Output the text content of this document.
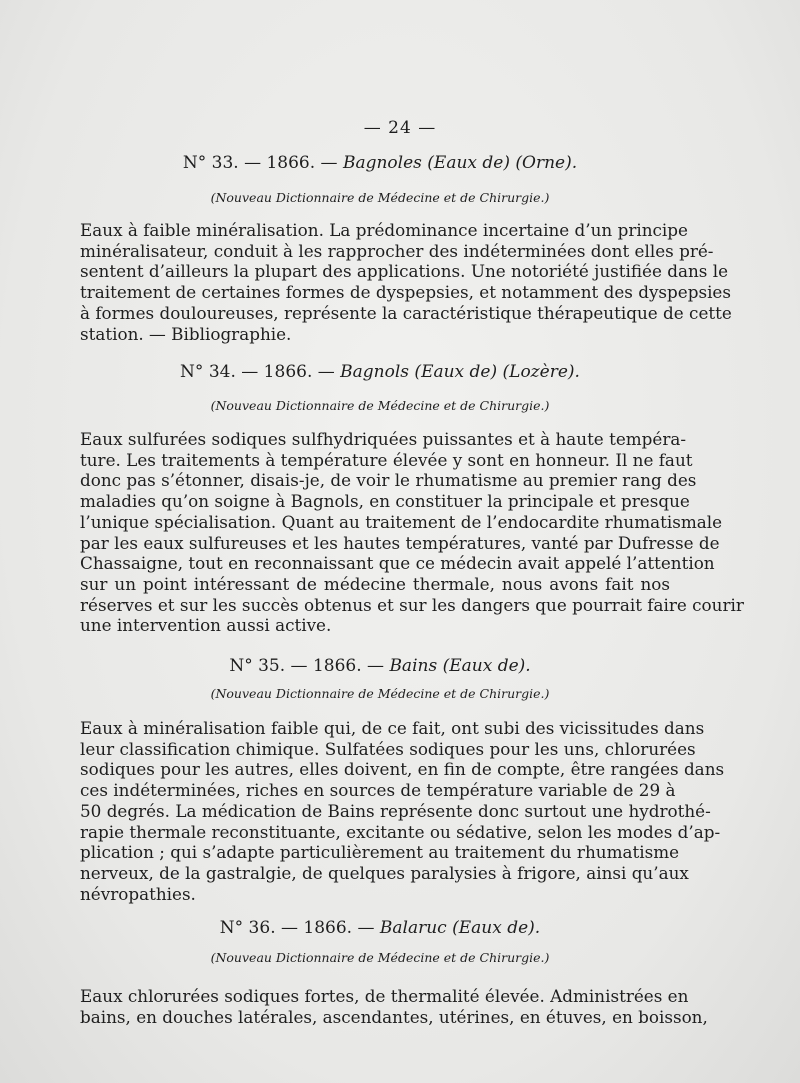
— 24 —
N° 33. — 1866. — Bagnoles (Eaux de) (Orne).
(Nouveau Dictionnaire de Médecine et de Chirurgie.)
Eaux à faible minéralisation. La prédominance incertaine d’un principe
minéralisateur, conduit à les rapprocher des indéterminées dont elles pré-
sentent d’ailleurs la plupart des applications. Une notoriété justifiée dans le
traitement de certaines formes de dyspepsies, et notamment des dyspepsies
à formes douloureuses, représente la caractéristique thérapeutique de cette
station. — Bibliographie.
N° 34. — 1866. — Bagnols (Eaux de) (Lozère).
(Nouveau Dictionnaire de Médecine et de Chirurgie.)
Eaux sulfurées sodiques sulfhydriquées puissantes et à haute tempéra-
ture. Les traitements à température élevée y sont en honneur. Il ne faut
donc pas s’étonner, disais-je, de voir le rhumatisme au premier rang des
maladies qu’on soigne à Bagnols, en constituer la principale et presque
l’unique spécialisation. Quant au traitement de l’endocardite rhumatismale
par les eaux sulfureuses et les hautes températures, vanté par Dufresse de
Chassaigne, tout en reconnaissant que ce médecin avait appelé l’attention
sur un point intéressant de médecine thermale, nous avons fait nos
réserves et sur les succès obtenus et sur les dangers que pourrait faire courir
une intervention aussi active.
N° 35. — 1866. — Bains (Eaux de).
(Nouveau Dictionnaire de Médecine et de Chirurgie.)
Eaux à minéralisation faible qui, de ce fait, ont subi des vicissitudes dans
leur classification chimique. Sulfatées sodiques pour les uns, chlorurées
sodiques pour les autres, elles doivent, en fin de compte, être rangées dans
ces indéterminées, riches en sources de température variable de 29 à
50 degrés. La médication de Bains représente donc surtout une hydrothé-
rapie thermale reconstituante, excitante ou sédative, selon les modes d’ap-
plication ; qui s’adapte particulièrement au traitement du rhumatisme
nerveux, de la gastralgie, de quelques paralysies à frigore, ainsi qu’aux
névropathies.
N° 36. — 1866. — Balaruc (Eaux de).
(Nouveau Dictionnaire de Médecine et de Chirurgie.)
Eaux chlorurées sodiques fortes, de thermalité élevée. Administrées en
bains, en douches latérales, ascendantes, utérines, en étuves, en boisson,
